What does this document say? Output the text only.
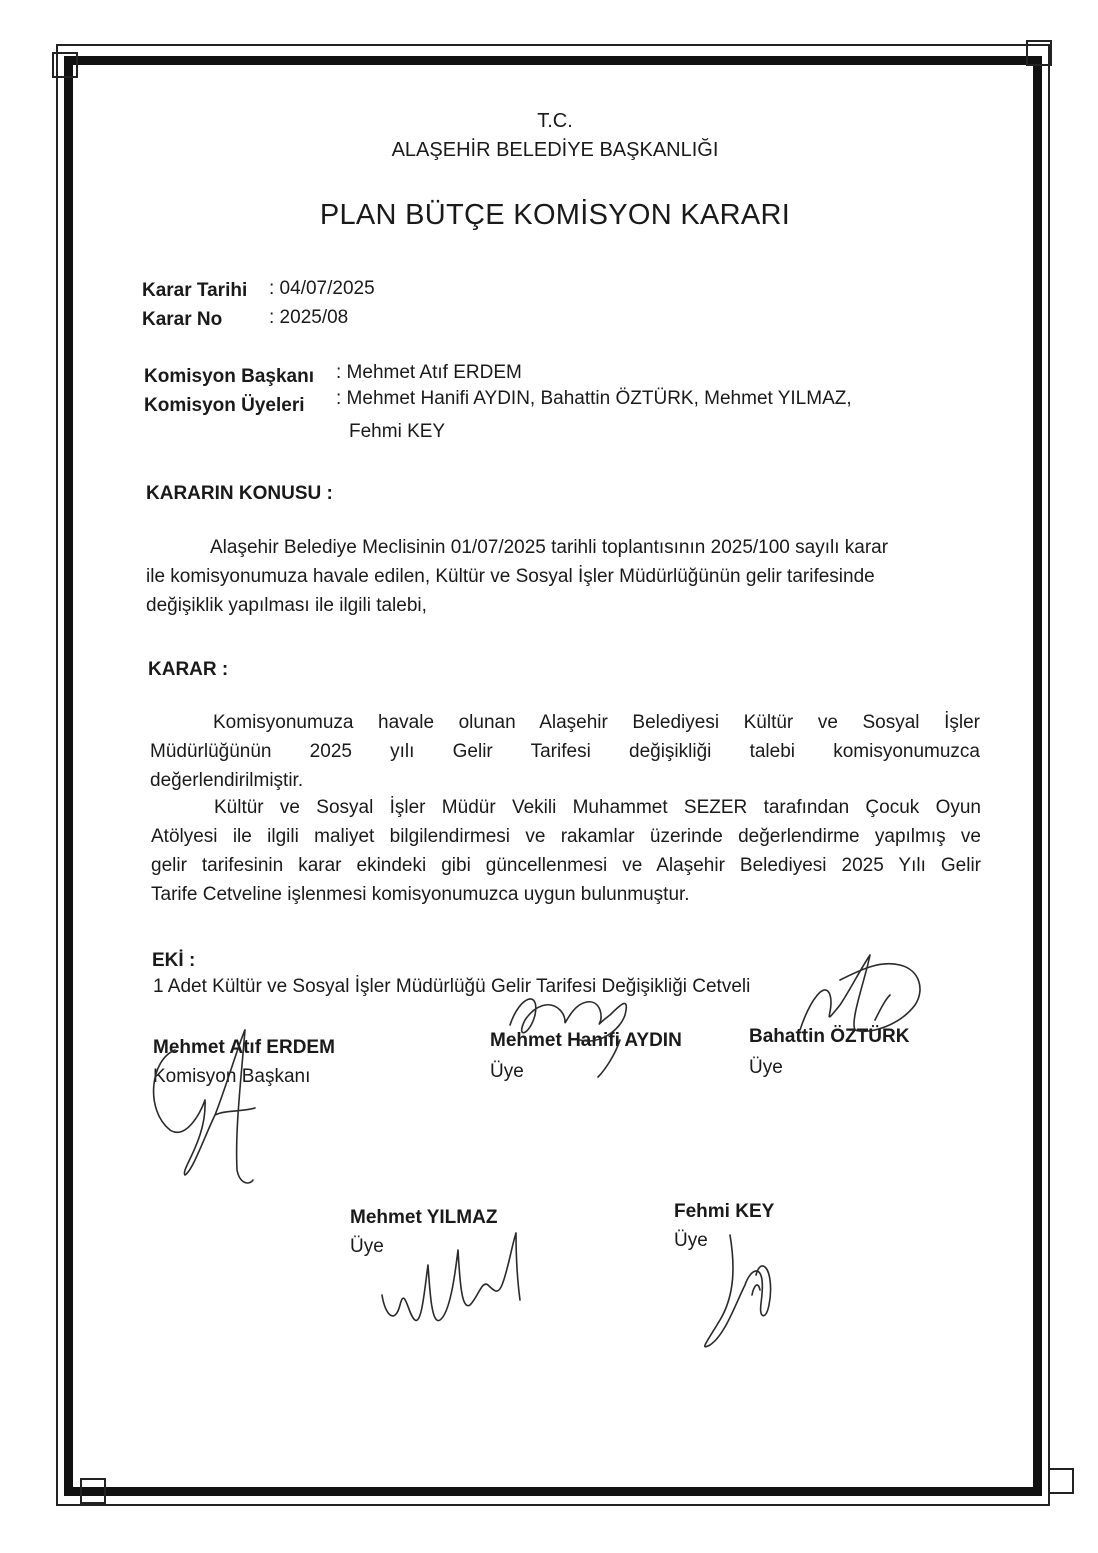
T.C.
ALAŞEHİR BELEDİYE BAŞKANLIĞI
PLAN BÜTÇE KOMİSYON KARARI
Karar Tarihi : 04/07/2025
Karar No : 2025/08
Komisyon Başkanı : Mehmet Atıf ERDEM
Komisyon Üyeleri : Mehmet Hanifi AYDIN, Bahattin ÖZTÜRK, Mehmet YILMAZ,
Fehmi KEY
KARARIN KONUSU :
Alaşehir Belediye Meclisinin 01/07/2025 tarihli toplantısının 2025/100 sayılı karar
ile komisyonumuza havale edilen, Kültür ve Sosyal İşler Müdürlüğünün gelir tarifesinde
değişiklik yapılması ile ilgili talebi,
KARAR :
Komisyonumuza havale olunan Alaşehir Belediyesi Kültür ve Sosyal İşler
Müdürlüğünün 2025 yılı Gelir Tarifesi değişikliği talebi komisyonumuzca
değerlendirilmiştir.
Kültür ve Sosyal İşler Müdür Vekili Muhammet SEZER tarafından Çocuk Oyun
Atölyesi ile ilgili maliyet bilgilendirmesi ve rakamlar üzerinde değerlendirme yapılmış ve
gelir tarifesinin karar ekindeki gibi güncellenmesi ve Alaşehir Belediyesi 2025 Yılı Gelir
Tarife Cetveline işlenmesi komisyonumuzca uygun bulunmuştur.
EKİ :
1 Adet Kültür ve Sosyal İşler Müdürlüğü Gelir Tarifesi Değişikliği Cetveli
Mehmet Atıf ERDEM
Komisyon Başkanı
Mehmet Hanifi AYDIN
Üye
Bahattin ÖZTÜRK
Üye
Mehmet YILMAZ
Üye
Fehmi KEY
Üye
